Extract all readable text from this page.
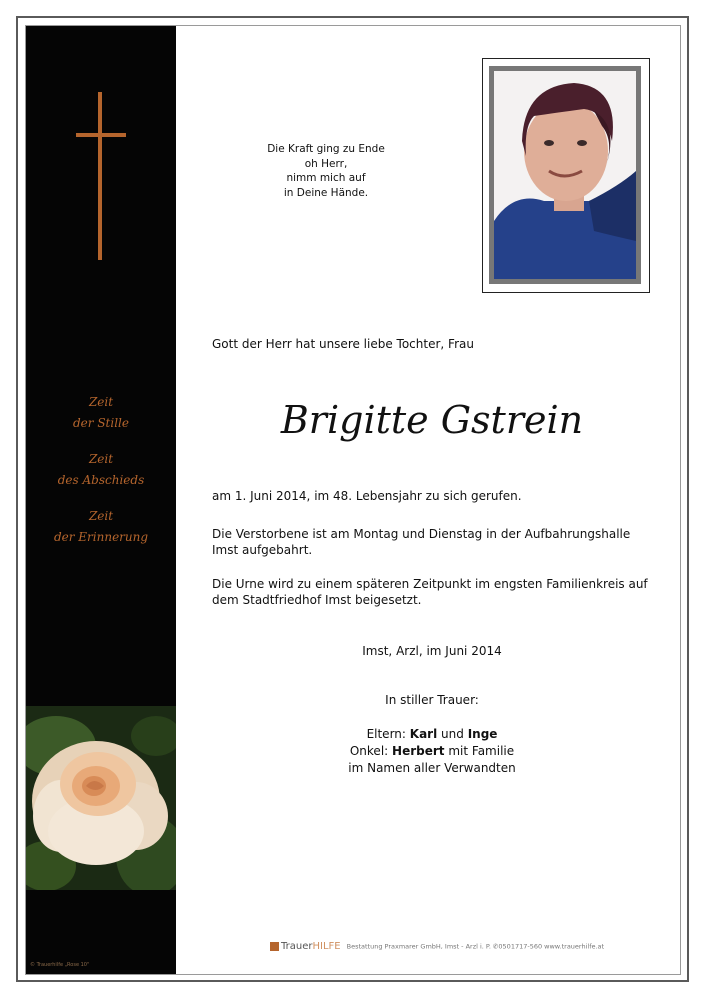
Zeit
der Stille
Zeit
des Abschieds
Zeit
der Erinnerung
© Trauerhilfe „Rose 10"
Die Kraft ging zu Ende
oh Herr,
nimm mich auf
in Deine Hände.
Gott der Herr hat unsere liebe Tochter, Frau
Brigitte Gstrein
am 1. Juni 2014, im 48. Lebensjahr zu sich gerufen.
Die Verstorbene ist am Montag und Dienstag in der Aufbahrungshalle Imst aufgebahrt.
Die Urne wird zu einem späteren Zeitpunkt im engsten Familienkreis auf dem Stadtfriedhof Imst beigesetzt.
Imst, Arzl, im Juni 2014
In stiller Trauer:
Eltern: Karl und Inge
Onkel: Herbert mit Familie
im Namen aller Verwandten
TrauerHILFE Bestattung Praxmarer GmbH, Imst - Arzl i. P. ✆0501717-560 www.trauerhilfe.at
